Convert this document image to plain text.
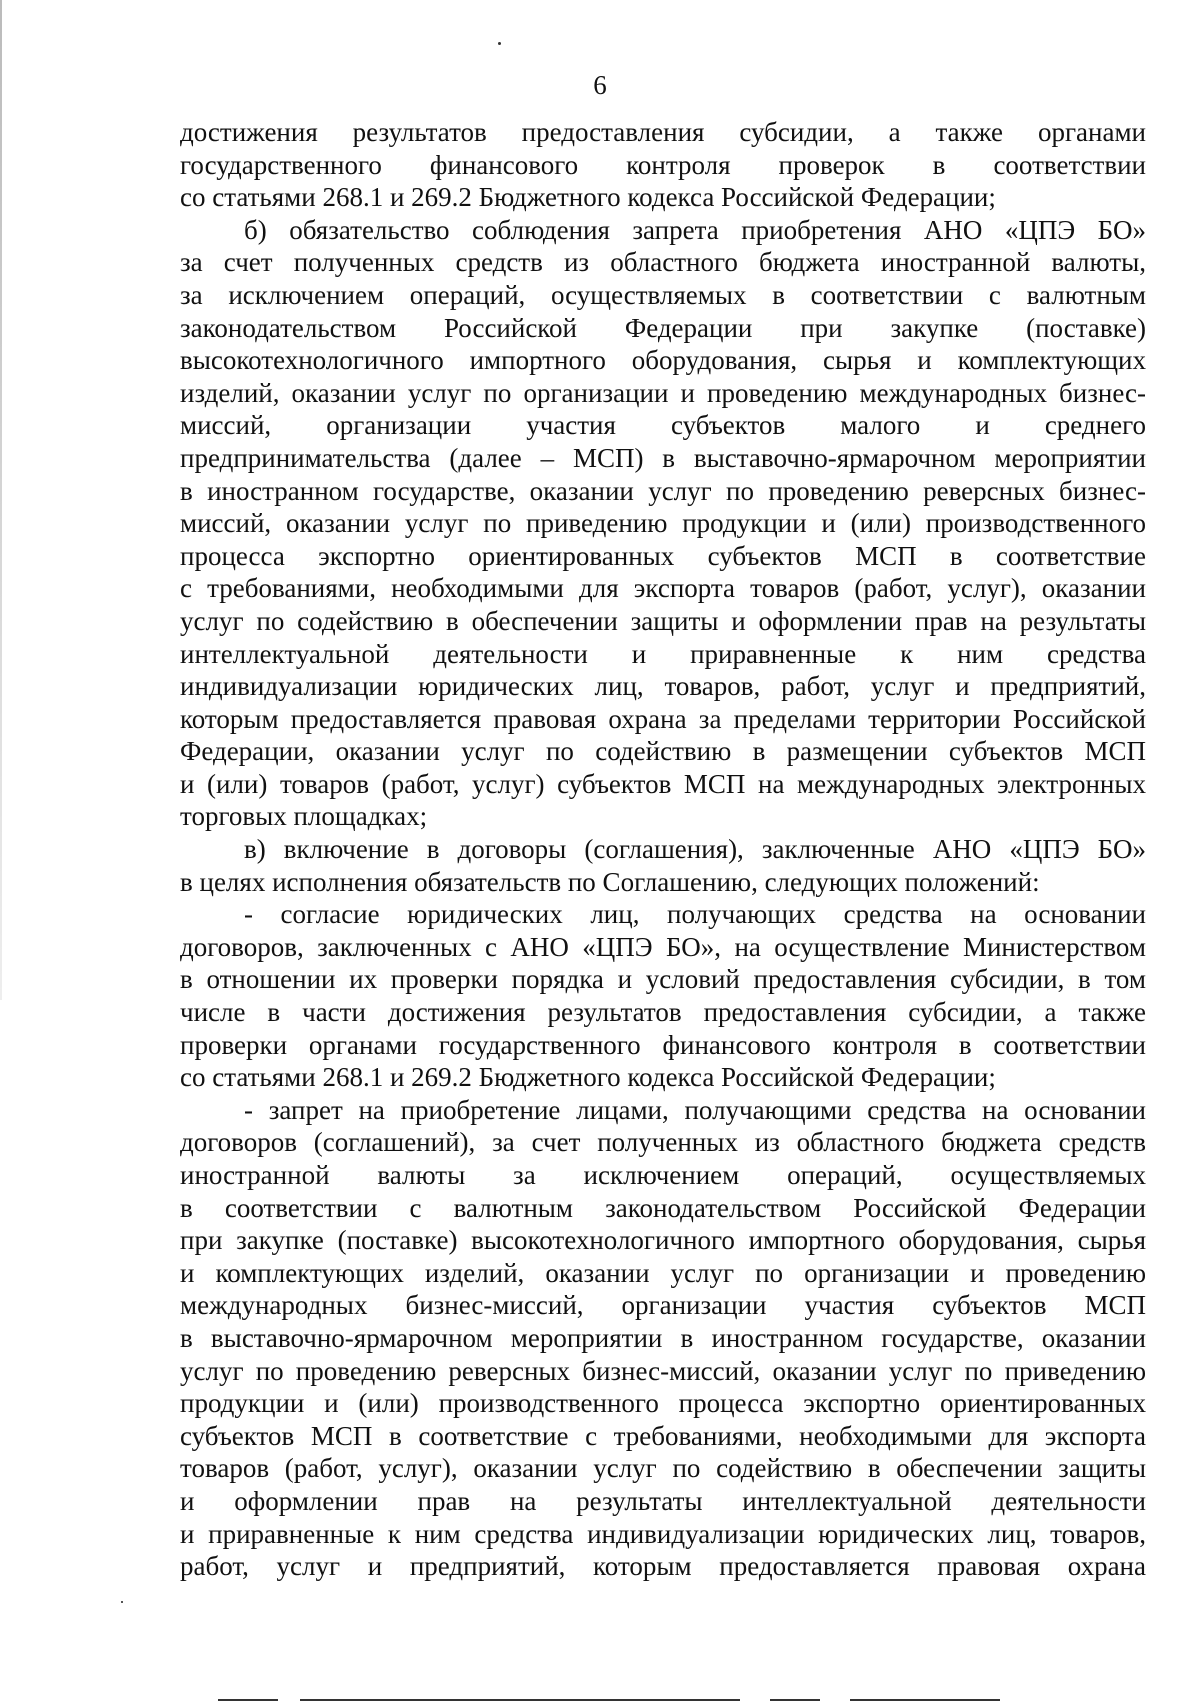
6
достижения результатов предоставления субсидии, а также органами
государственного финансового контроля проверок в соответствии
со статьями 268.1 и 269.2 Бюджетного кодекса Российской Федерации;
б) обязательство соблюдения запрета приобретения АНО «ЦПЭ БО»
за счет полученных средств из областного бюджета иностранной валюты,
за исключением операций, осуществляемых в соответствии с валютным
законодательством Российской Федерации при закупке (поставке)
высокотехнологичного импортного оборудования, сырья и комплектующих
изделий, оказании услуг по организации и проведению международных бизнес-
миссий, организации участия субъектов малого и среднего
предпринимательства (далее – МСП) в выставочно-ярмарочном мероприятии
в иностранном государстве, оказании услуг по проведению реверсных бизнес-
миссий, оказании услуг по приведению продукции и (или) производственного
процесса экспортно ориентированных субъектов МСП в соответствие
с требованиями, необходимыми для экспорта товаров (работ, услуг), оказании
услуг по содействию в обеспечении защиты и оформлении прав на результаты
интеллектуальной деятельности и приравненные к ним средства
индивидуализации юридических лиц, товаров, работ, услуг и предприятий,
которым предоставляется правовая охрана за пределами территории Российской
Федерации, оказании услуг по содействию в размещении субъектов МСП
и (или) товаров (работ, услуг) субъектов МСП на международных электронных
торговых площадках;
в) включение в договоры (соглашения), заключенные АНО «ЦПЭ БО»
в целях исполнения обязательств по Соглашению, следующих положений:
- согласие юридических лиц, получающих средства на основании
договоров, заключенных с АНО «ЦПЭ БО», на осуществление Министерством
в отношении их проверки порядка и условий предоставления субсидии, в том
числе в части достижения результатов предоставления субсидии, а также
проверки органами государственного финансового контроля в соответствии
со статьями 268.1 и 269.2 Бюджетного кодекса Российской Федерации;
- запрет на приобретение лицами, получающими средства на основании
договоров (соглашений), за счет полученных из областного бюджета средств
иностранной валюты за исключением операций, осуществляемых
в соответствии с валютным законодательством Российской Федерации
при закупке (поставке) высокотехнологичного импортного оборудования, сырья
и комплектующих изделий, оказании услуг по организации и проведению
международных бизнес-миссий, организации участия субъектов МСП
в выставочно-ярмарочном мероприятии в иностранном государстве, оказании
услуг по проведению реверсных бизнес-миссий, оказании услуг по приведению
продукции и (или) производственного процесса экспортно ориентированных
субъектов МСП в соответствие с требованиями, необходимыми для экспорта
товаров (работ, услуг), оказании услуг по содействию в обеспечении защиты
и оформлении прав на результаты интеллектуальной деятельности
и приравненные к ним средства индивидуализации юридических лиц, товаров,
работ, услуг и предприятий, которым предоставляется правовая охрана
